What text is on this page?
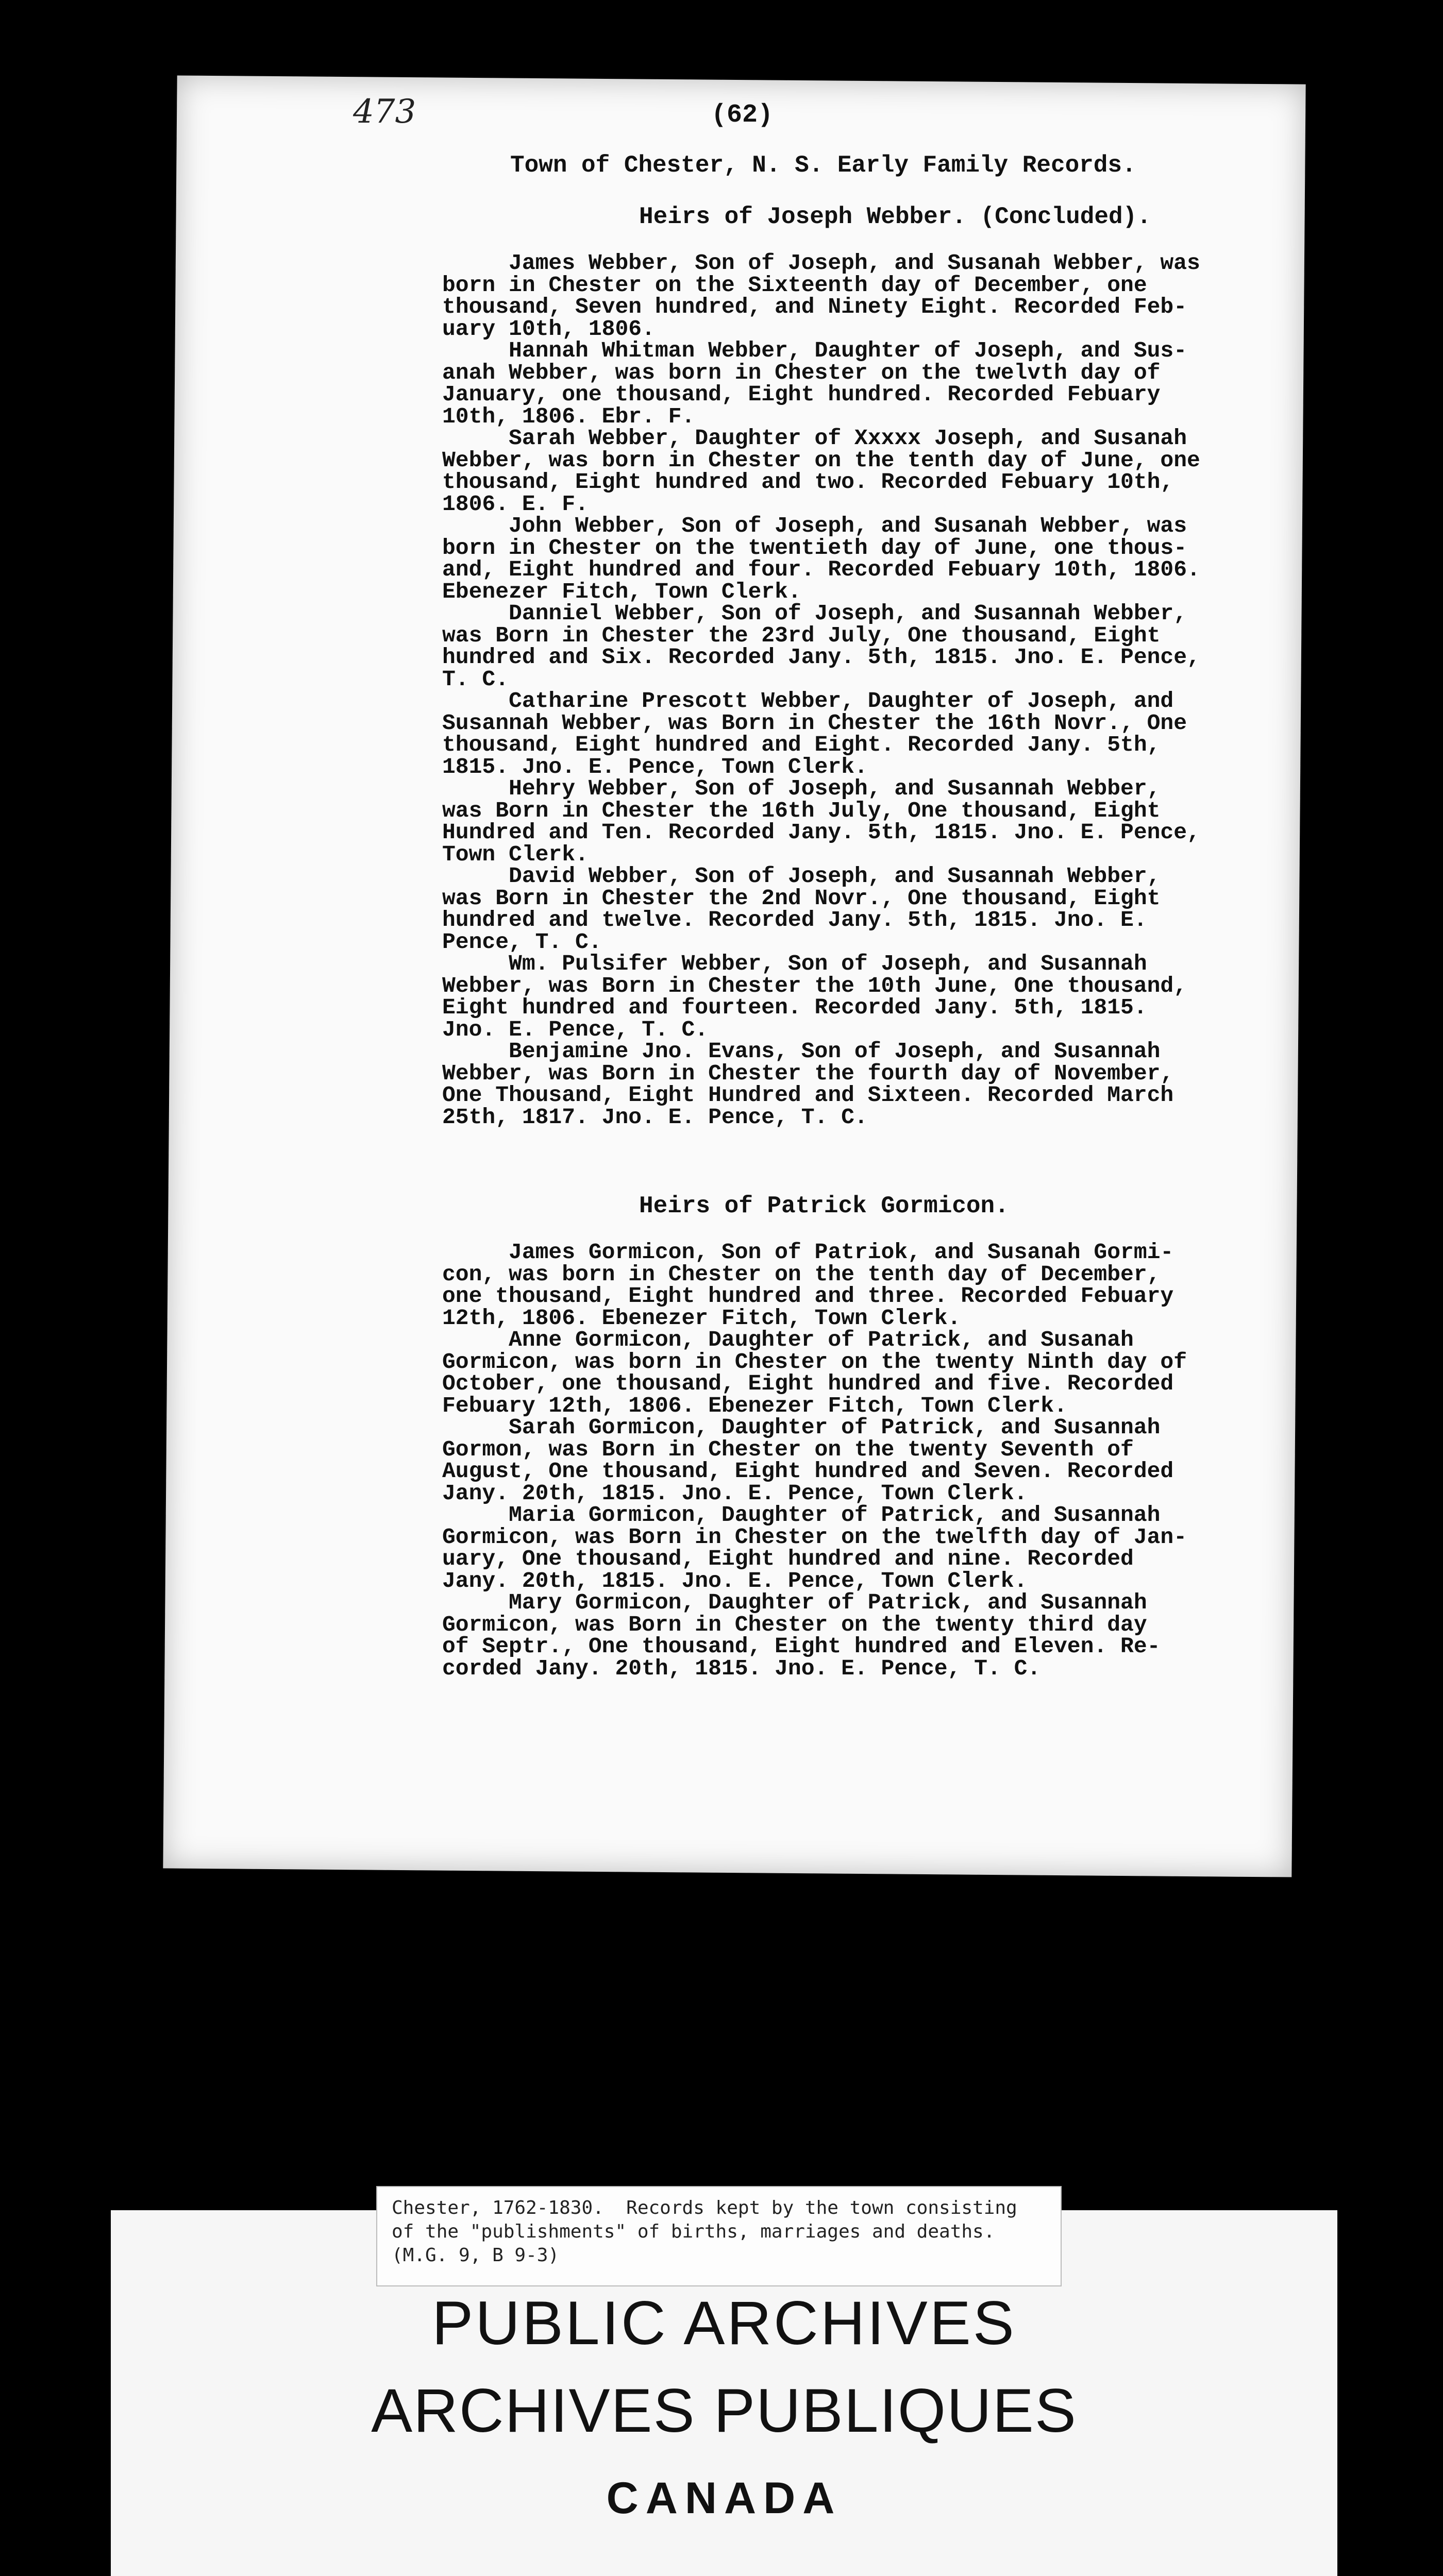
473	(62)
Town of Chester, N. S. Early Family Records.
Heirs of Joseph Webber. (Concluded).
James Webber, Son of Joseph, and Susanah Webber, was
born in Chester on the Sixteenth day of December, one
thousand, Seven hundred, and Ninety Eight. Recorded Feb-
uary 10th, 1806.
Hannah Whitman Webber, Daughter of Joseph, and Sus-
anah Webber, was born in Chester on the twelvth day of
January, one thousand, Eight hundred. Recorded Febuary
10th, 1806. Ebr. F.
Sarah Webber, Daughter of Xxxxx Joseph, and Susanah
Webber, was born in Chester on the tenth day of June, one
thousand, Eight hundred and two. Recorded Febuary 10th,
1806. E. F.
John Webber, Son of Joseph, and Susanah Webber, was
born in Chester on the twentieth day of June, one thous-
and, Eight hundred and four. Recorded Febuary 10th, 1806.
Ebenezer Fitch, Town Clerk.
Danniel Webber, Son of Joseph, and Susannah Webber,
was Born in Chester the 23rd July, One thousand, Eight
hundred and Six. Recorded Jany. 5th, 1815. Jno. E. Pence,
T. C.
Catharine Prescott Webber, Daughter of Joseph, and
Susannah Webber, was Born in Chester the 16th Novr., One
thousand, Eight hundred and Eight. Recorded Jany. 5th,
1815. Jno. E. Pence, Town Clerk.
Hehry Webber, Son of Joseph, and Susannah Webber,
was Born in Chester the 16th July, One thousand, Eight
Hundred and Ten. Recorded Jany. 5th, 1815. Jno. E. Pence,
Town Clerk.
David Webber, Son of Joseph, and Susannah Webber,
was Born in Chester the 2nd Novr., One thousand, Eight
hundred and twelve. Recorded Jany. 5th, 1815. Jno. E.
Pence, T. C.
Wm. Pulsifer Webber, Son of Joseph, and Susannah
Webber, was Born in Chester the 10th June, One thousand,
Eight hundred and fourteen. Recorded Jany. 5th, 1815.
Jno. E. Pence, T. C.
Benjamine Jno. Evans, Son of Joseph, and Susannah
Webber, was Born in Chester the fourth day of November,
One Thousand, Eight Hundred and Sixteen. Recorded March
25th, 1817. Jno. E. Pence, T. C.
Heirs of Patrick Gormicon.
James Gormicon, Son of Patriok, and Susanah Gormi-
con, was born in Chester on the tenth day of December,
one thousand, Eight hundred and three. Recorded Febuary
12th, 1806. Ebenezer Fitch, Town Clerk.
Anne Gormicon, Daughter of Patrick, and Susanah
Gormicon, was born in Chester on the twenty Ninth day of
October, one thousand, Eight hundred and five. Recorded
Febuary 12th, 1806. Ebenezer Fitch, Town Clerk.
Sarah Gormicon, Daughter of Patrick, and Susannah
Gormon, was Born in Chester on the twenty Seventh of
August, One thousand, Eight hundred and Seven. Recorded
Jany. 20th, 1815. Jno. E. Pence, Town Clerk.
Maria Gormicon, Daughter of Patrick, and Susannah
Gormicon, was Born in Chester on the twelfth day of Jan-
uary, One thousand, Eight hundred and nine. Recorded
Jany. 20th, 1815. Jno. E. Pence, Town Clerk.
Mary Gormicon, Daughter of Patrick, and Susannah
Gormicon, was Born in Chester on the twenty third day
of Septr., One thousand, Eight hundred and Eleven. Re-
corded Jany. 20th, 1815. Jno. E. Pence, T. C.
Chester, 1762-1830.  Records kept by the town consisting
of the "publishments" of births, marriages and deaths.
(M.G. 9, B 9-3)
PUBLIC ARCHIVES
ARCHIVES PUBLIQUES
CANADA
